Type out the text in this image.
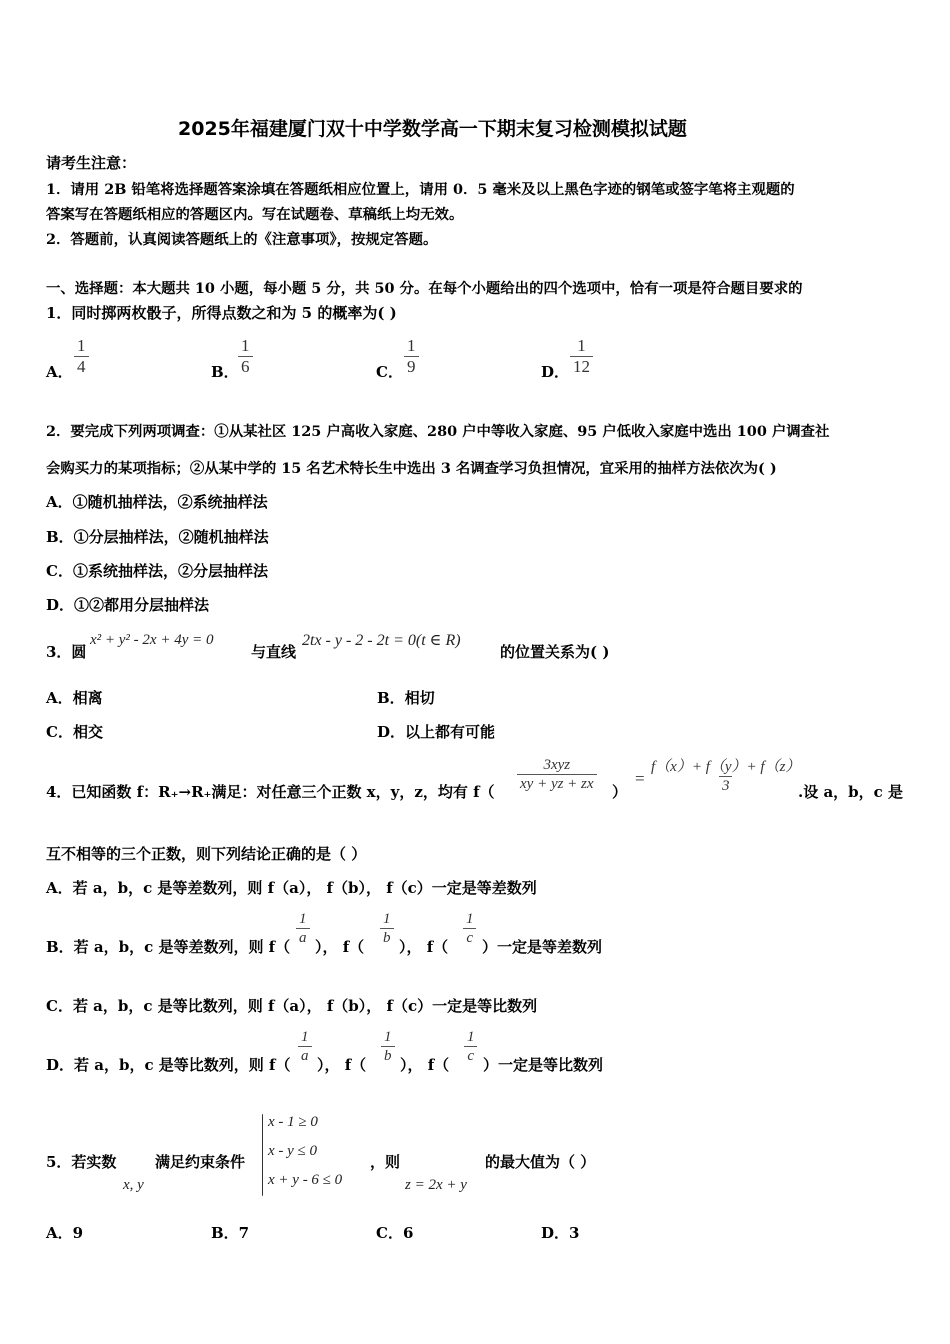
2025年福建厦门双十中学数学高一下期末复习检测模拟试题
请考生注意：
1．请用 2B 铅笔将选择题答案涂填在答题纸相应位置上，请用 0．5 毫米及以上黑色字迹的钢笔或签字笔将主观题的
答案写在答题纸相应的答题区内。写在试题卷、草稿纸上均无效。
2．答题前，认真阅读答题纸上的《注意事项》，按规定答题。
一、选择题：本大题共 10 小题，每小题 5 分，共 50 分。在每个小题给出的四个选项中，恰有一项是符合题目要求的
1．同时掷两枚骰子，所得点数之和为 5 的概率为( )
A． $\frac{1}{4}$	B． $\frac{1}{6}$	C． $\frac{1}{9}$	D． $\frac{1}{12}$
2．要完成下列两项调查：①从某社区 125 户高收入家庭、280 户中等收入家庭、95 户低收入家庭中选出 100 户调查社
会购买力的某项指标；②从某中学的 15 名艺术特长生中选出 3 名调查学习负担情况，宜采用的抽样方法依次为( )
A．①随机抽样法，②系统抽样法
B．①分层抽样法，②随机抽样法
C．①系统抽样法，②分层抽样法
D．①②都用分层抽样法
3．圆
x² + y² - 2x + 4y = 0
与直线
2tx - y - 2 - 2t = 0(t ∈ R)
的位置关系为( )
A．相离	B．相切
C．相交	D．以上都有可能
4．已知函数 f：R₊→R₊满足：对任意三个正数 x，y，z，均有 f（
3xyz
xy + yz + zx ）
= $\frac{f(x)+ f(y)+ f(z)}{3}$
.设 a，b，c 是
互不相等的三个正数，则下列结论正确的是（ ）
A．若 a，b，c 是等差数列，则 f（a）， f（b）， f（c）一定是等差数列
B．若 a，b，c 是等差数列，则 $f( \frac{1}{a}$ ）， $f( \frac{1}{b}$ ）， $f( \frac{1}{c}$ ）一定是等差数列
C．若 a，b，c 是等比数列，则 f（a）， f（b）， f（c）一定是等比数列
D．若 a，b，c 是等比数列，则 $f( \frac{1}{a}$ ）， $f( \frac{1}{b}$ ）， $f( \frac{1}{c}$ ）一定是等比数列
5．若实数
x, y
满足约束条件
x - 1 ≥ 0
x - y ≤ 0
x + y - 6 ≤ 0
，则
z = 2x + y
的最大值为（ ）
A．9	B．7	C．6	D．3
